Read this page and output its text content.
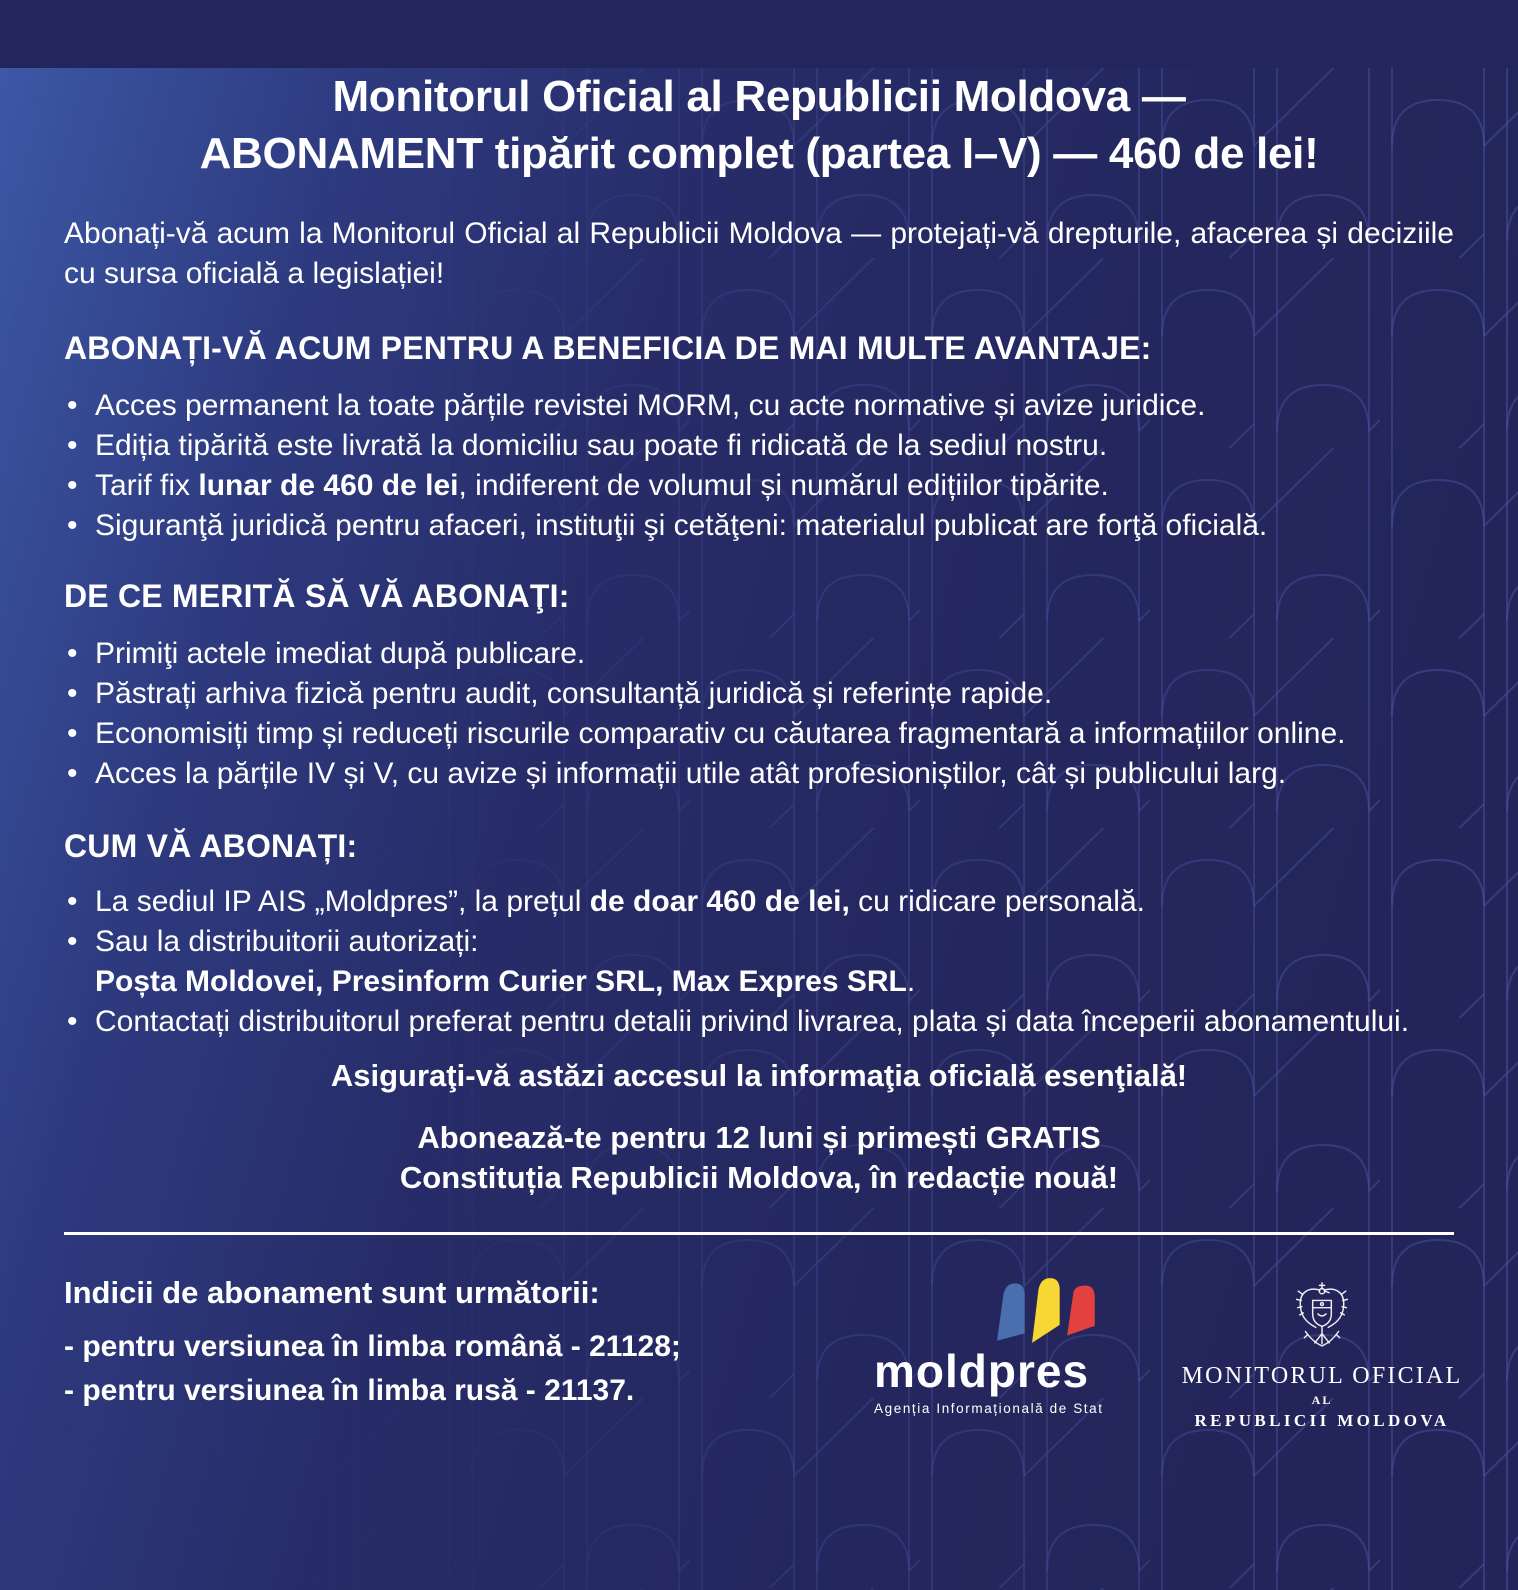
Monitorul Oficial al Republicii Moldova —
ABONAMENT tipărit complet (partea I–V) — 460 de lei!

Abonați-vă acum la Monitorul Oficial al Republicii Moldova — protejați-vă drepturile, afacerea și deciziile cu sursa oficială a legislației!

ABONAȚI-VĂ ACUM PENTRU A BENEFICIA DE MAI MULTE AVANTAJE:
• Acces permanent la toate părțile revistei MORM, cu acte normative și avize juridice.
• Ediția tipărită este livrată la domiciliu sau poate fi ridicată de la sediul nostru.
• Tarif fix lunar de 460 de lei, indiferent de volumul și numărul edițiilor tipărite.
• Siguranţă juridică pentru afaceri, instituţii şi cetăţeni: materialul publicat are forţă oficială.
DE CE MERITĂ SĂ VĂ ABONAŢI:
• Primiţi actele imediat după publicare.
• Păstrați arhiva fizică pentru audit, consultanță juridică și referințe rapide.
• Economisiți timp și reduceți riscurile comparativ cu căutarea fragmentară a informațiilor online.
• Acces la părțile IV și V, cu avize și informații utile atât profesioniștilor, cât și publicului larg.
CUM VĂ ABONAȚI:
• La sediul IP AIS „Moldpres”, la prețul de doar 460 de lei, cu ridicare personală.
• Sau la distribuitorii autorizați:
Poșta Moldovei, Presinform Curier SRL, Max Expres SRL.
• Contactați distribuitorul preferat pentru detalii privind livrarea, plata și data începerii abonamentului.

Asiguraţi-vă astăzi accesul la informaţia oficială esenţială!

Abonează-te pentru 12 luni și primești GRATIS

Constituția Republicii Moldova, în redacție nouă!

Indicii de abonament sunt următorii:

- pentru versiunea în limba română - 21128;

- pentru versiunea în limba rusă - 21137.	moldpres
Agenția Informațională de Stat
MONITORUL OFICIAL
AL
REPUBLICII MOLDOVA
